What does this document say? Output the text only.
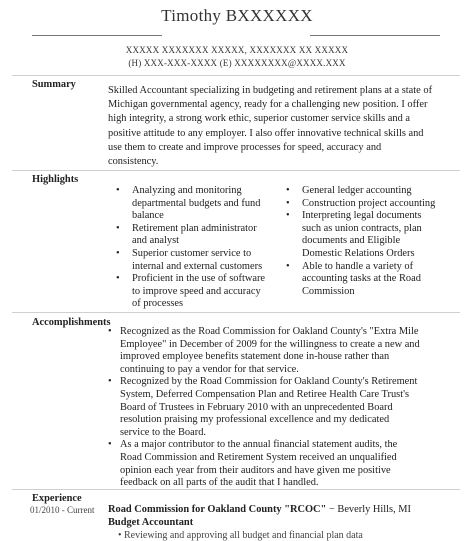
Timothy BXXXXXX
XXXXX XXXXXXX XXXXX, XXXXXXX XX XXXXX
(H) XXX-XXX-XXXX (E) XXXXXXXX@XXXX.XXX
Summary
Skilled Accountant specializing in budgeting and retirement plans at a state of
Michigan governmental agency, ready for a challenging new position. I offer
high integrity, a strong work ethic, superior customer service skills and a
positive attitude to any employer. I also offer innovative technical skills and
use them to create and improve processes for speed, accuracy and
consistency.
Highlights
• Analyzing and monitoring
departmental budgets and fund
balance
• Retirement plan administrator
and analyst
• Superior customer service to
internal and external customers
• Proficient in the use of software
to improve speed and accuracy
of processes
• General ledger accounting
• Construction project accounting
• Interpreting legal documents
such as union contracts, plan
documents and Eligible
Domestic Relations Orders
• Able to handle a variety of
accounting tasks at the Road
Commission
Accomplishments
• Recognized as the Road Commission for Oakland County's "Extra Mile
Employee" in December of 2009 for the willingness to create a new and
improved employee benefits statement done in-house rather than
continuing to pay a vendor for that service.
• Recognized by the Road Commission for Oakland County's Retirement
System, Deferred Compensation Plan and Retiree Health Care Trust's
Board of Trustees in February 2010 with an unprecedented Board
resolution praising my professional excellence and my dedicated
service to the Board.
• As a major contributor to the annual financial statement audits, the
Road Commission and Retirement System received an unqualified
opinion each year from their auditors and have given me positive
feedback on all parts of the audit that I handled.
Experience
01/2010 - Current Road Commission for Oakland County "RCOC" − Beverly Hills, MI
Budget Accountant
• Reviewing and approving all budget and financial plan data
